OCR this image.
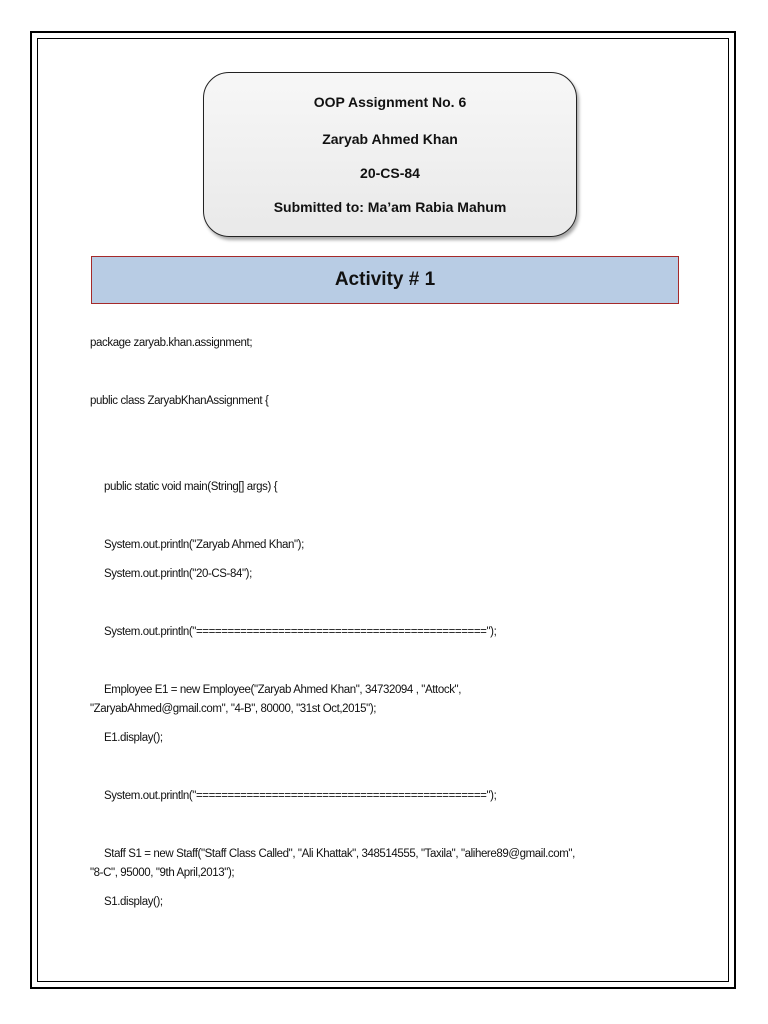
OOP Assignment No. 6
Zaryab Ahmed Khan
20-CS-84
Submitted to: Ma’am Rabia Mahum
Activity # 1
package zaryab.khan.assignment;
public class ZaryabKhanAssignment {
public static void main(String[] args) {
System.out.println("Zaryab Ahmed Khan");
System.out.println("20-CS-84");
System.out.println("==============================================");
Employee E1 = new Employee("Zaryab Ahmed Khan", 34732094 , "Attock",
"ZaryabAhmed@gmail.com", "4-B", 80000, "31st Oct,2015");
E1.display();
System.out.println("==============================================");
Staff S1 = new Staff("Staff Class Called", "Ali Khattak", 348514555, "Taxila", "alihere89@gmail.com",
"8-C", 95000, "9th April,2013");
S1.display();
